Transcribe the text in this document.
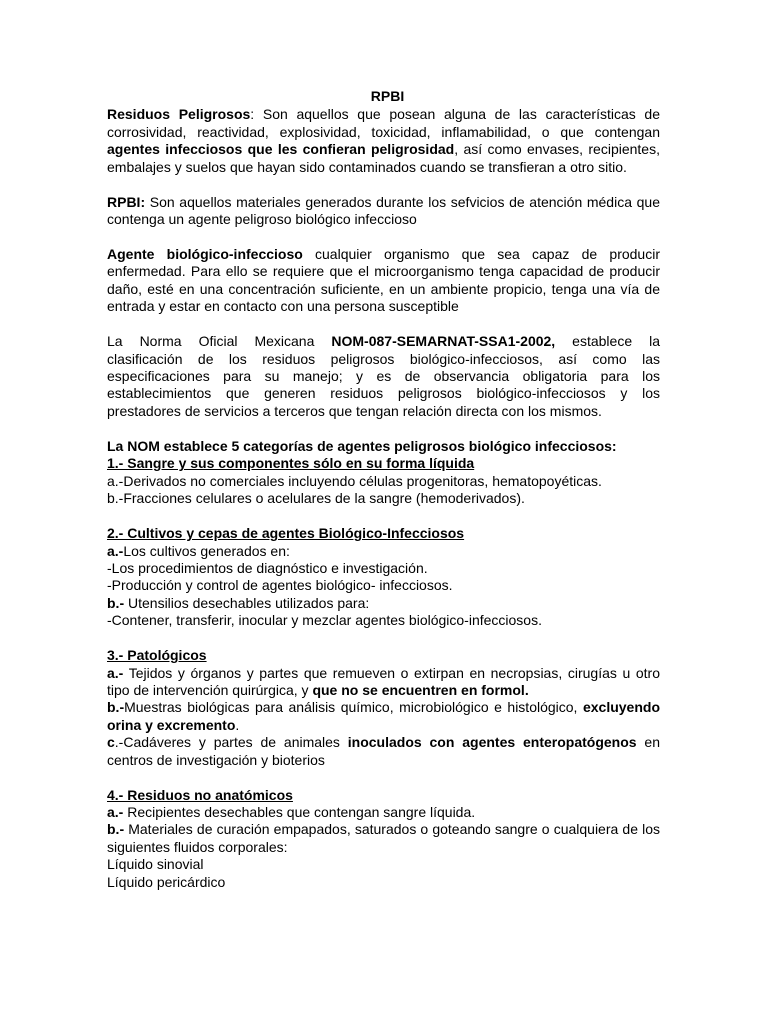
RPBI

Residuos Peligrosos: Son aquellos que posean alguna de las características de corrosividad, reactividad, explosividad, toxicidad, inflamabilidad, o que contengan agentes infecciosos que les confieran peligrosidad, así como envases, recipientes, embalajes y suelos que hayan sido contaminados cuando se transfieran a otro sitio.

RPBI: Son aquellos materiales generados durante los sefvicios de atención médica que contenga un agente peligroso biológico infeccioso

Agente biológico-infeccioso cualquier organismo que sea capaz de producir enfermedad. Para ello se requiere que el microorganismo tenga capacidad de producir daño, esté en una concentración suficiente, en un ambiente propicio, tenga una vía de entrada y estar en contacto con una persona susceptible

La Norma Oficial Mexicana NOM-087-SEMARNAT-SSA1-2002, establece la clasificación de los residuos peligrosos biológico-infecciosos, así como las especificaciones para su manejo; y es de observancia obligatoria para los establecimientos que generen residuos peligrosos biológico-infecciosos y los prestadores de servicios a terceros que tengan relación directa con los mismos.

La NOM establece 5 categorías de agentes peligrosos biológico infecciosos:

1.- Sangre y sus componentes sólo en su forma líquida

a.-Derivados no comerciales incluyendo células progenitoras, hematopoyéticas.

b.-Fracciones celulares o acelulares de la sangre (hemoderivados).

2.- Cultivos y cepas de agentes Biológico-Infecciosos

a.-Los cultivos generados en:

-Los procedimientos de diagnóstico e investigación.

-Producción y control de agentes biológico- infecciosos.

b.- Utensilios desechables utilizados para:

-Contener, transferir, inocular y mezclar agentes biológico-infecciosos.

3.- Patológicos

a.- Tejidos y órganos y partes que remueven o extirpan en necropsias, cirugías u otro tipo de intervención quirúrgica, y que no se encuentren en formol.

b.-Muestras biológicas para análisis químico, microbiológico e histológico, excluyendo orina y excremento.

c.-Cadáveres y partes de animales inoculados con agentes enteropatógenos en centros de investigación y bioterios

4.- Residuos no anatómicos

a.- Recipientes desechables que contengan sangre líquida.

b.- Materiales de curación empapados, saturados o goteando sangre o cualquiera de los siguientes fluidos corporales:

Líquido sinovial

Líquido pericárdico
